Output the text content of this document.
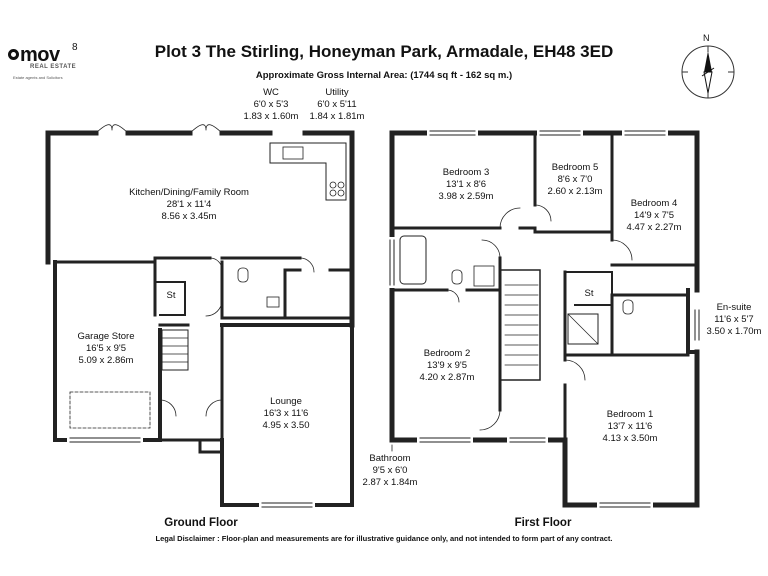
mov 8
REAL ESTATE
Estate agents and Solicitors
Plot 3 The Stirling, Honeyman Park, Armadale, EH48 3ED
Approximate Gross Internal Area: (1744 sq ft - 162 sq m.)
N
Kitchen/Dining/Family Room
28'1 x 11'4
8.56 x 3.45m
WC
6'0 x 5'3
1.83 x 1.60m
Utility
6'0 x 5'11
1.84 x 1.81m
St
Garage Store
16'5 x 9'5
5.09 x 2.86m
Lounge
16'3 x 11'6
4.95 x 3.50
Bedroom 3
13'1 x 8'6
3.98 x 2.59m
Bedroom 5
8'6 x 7'0
2.60 x 2.13m
Bedroom 4
14'9 x 7'5
4.47 x 2.27m
St
En-suite
11'6 x 5'7
3.50 x 1.70m
Bedroom 2
13'9 x 9'5
4.20 x 2.87m
Bedroom 1
13'7 x 11'6
4.13 x 3.50m
Bathroom
9'5 x 6'0
2.87 x 1.84m
Ground Floor	First Floor
Legal Disclaimer : Floor-plan and measurements are for illustrative guidance only, and not intended to form part of any contract.
